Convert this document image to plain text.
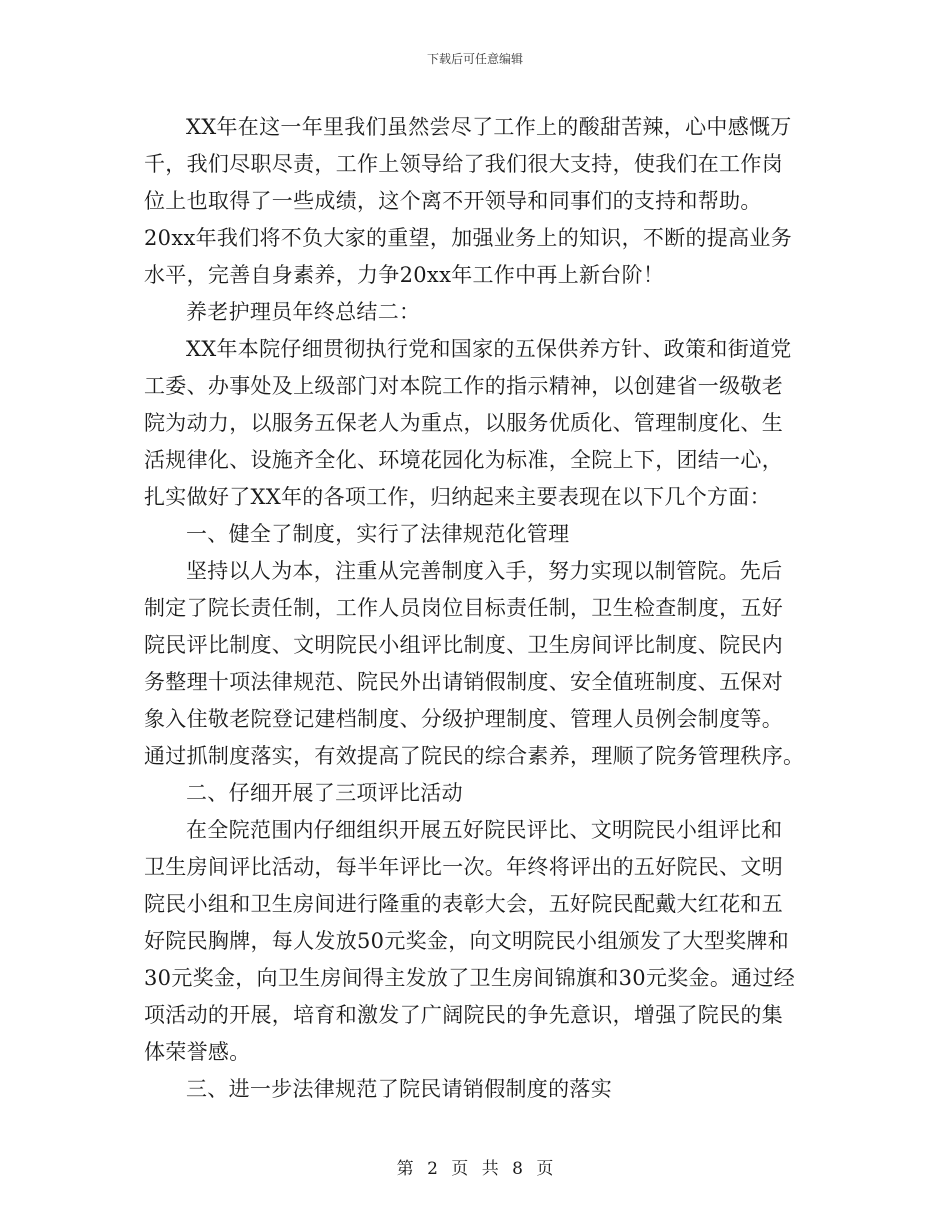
下载后可任意编辑
XX年在这一年里我们虽然尝尽了工作上的酸甜苦辣，心中感慨万
千，我们尽职尽责，工作上领导给了我们很大支持，使我们在工作岗
位上也取得了一些成绩，这个离不开领导和同事们的支持和帮助。
20xx年我们将不负大家的重望，加强业务上的知识，不断的提高业务
水平，完善自身素养，力争20xx年工作中再上新台阶！
养老护理员年终总结二：
XX年本院仔细贯彻执行党和国家的五保供养方针、政策和街道党
工委、办事处及上级部门对本院工作的指示精神，以创建省一级敬老
院为动力，以服务五保老人为重点，以服务优质化、管理制度化、生
活规律化、设施齐全化、环境花园化为标准，全院上下，团结一心，
扎实做好了XX年的各项工作，归纳起来主要表现在以下几个方面：
一、健全了制度，实行了法律规范化管理
坚持以人为本，注重从完善制度入手，努力实现以制管院。先后
制定了院长责任制，工作人员岗位目标责任制，卫生检查制度，五好
院民评比制度、文明院民小组评比制度、卫生房间评比制度、院民内
务整理十项法律规范、院民外出请销假制度、安全值班制度、五保对
象入住敬老院登记建档制度、分级护理制度、管理人员例会制度等。
通过抓制度落实，有效提高了院民的综合素养，理顺了院务管理秩序。
二、仔细开展了三项评比活动
在全院范围内仔细组织开展五好院民评比、文明院民小组评比和
卫生房间评比活动，每半年评比一次。年终将评出的五好院民、文明
院民小组和卫生房间进行隆重的表彰大会，五好院民配戴大红花和五
好院民胸牌，每人发放50元奖金，向文明院民小组颁发了大型奖牌和
30元奖金，向卫生房间得主发放了卫生房间锦旗和30元奖金。通过经
项活动的开展，培育和激发了广阔院民的争先意识，增强了院民的集
体荣誉感。
三、进一步法律规范了院民请销假制度的落实
第 2 页 共 8 页
